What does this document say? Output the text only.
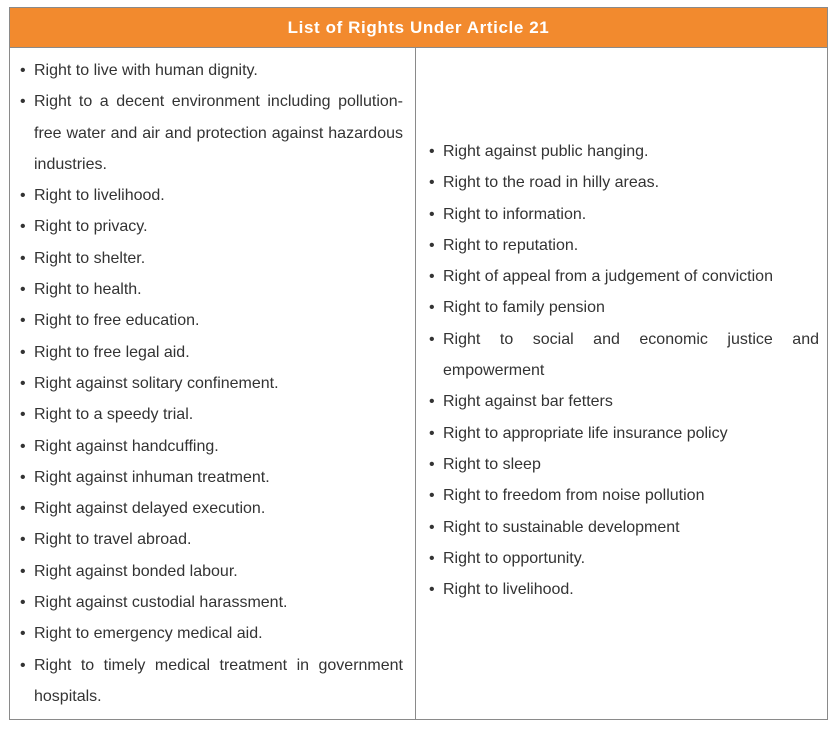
List of Rights Under Article 21
• Right to live with human dignity.
• Right to a decent environment including pollution-free water and air and protection against hazardous industries.
• Right to livelihood.
• Right to privacy.
• Right to shelter.
• Right to health.
• Right to free education.
• Right to free legal aid.
• Right against solitary confinement.
• Right to a speedy trial.
• Right against handcuffing.
• Right against inhuman treatment.
• Right against delayed execution.
• Right to travel abroad.
• Right against bonded labour.
• Right against custodial harassment.
• Right to emergency medical aid.
• Right to timely medical treatment in government hospitals.
• Right against public hanging.
• Right to the road in hilly areas.
• Right to information.
• Right to reputation.
• Right of appeal from a judgement of conviction
• Right to family pension
• Right to social and economic justice and empowerment
• Right against bar fetters
• Right to appropriate life insurance policy
• Right to sleep
• Right to freedom from noise pollution
• Right to sustainable development
• Right to opportunity.
• Right to livelihood.
